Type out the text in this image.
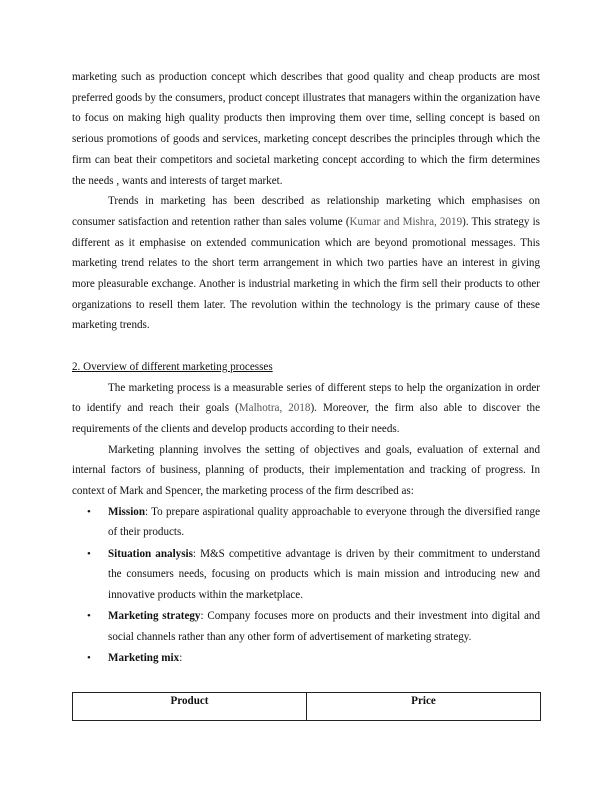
marketing such as production concept which describes that good quality and cheap products are most preferred goods by the consumers, product concept illustrates that managers within the organization have to focus on making high quality products then improving them over time, selling concept is based on serious promotions of goods and services, marketing concept describes the principles through which the firm can beat their competitors and societal marketing concept according to which the firm determines the needs , wants and interests of target market.

Trends in marketing has been described as relationship marketing which emphasises on consumer satisfaction and retention rather than sales volume (Kumar and Mishra, 2019). This strategy is different as it emphasise on extended communication which are beyond promotional messages. This marketing trend relates to the short term arrangement in which two parties have an interest in giving more pleasurable exchange. Another is industrial marketing in which the firm sell their products to other organizations to resell them later. The revolution within the technology is the primary cause of these marketing trends.

2. Overview of different marketing processes

The marketing process is a measurable series of different steps to help the organization in order to identify and reach their goals (Malhotra, 2018). Moreover, the firm also able to discover the requirements of the clients and develop products according to their needs.

Marketing planning involves the setting of objectives and goals, evaluation of external and internal factors of business, planning of products, their implementation and tracking of progress. In context of Mark and Spencer, the marketing process of the firm described as:

• Mission: To prepare aspirational quality approachable to everyone through the diversified range of their products.
• Situation analysis: M&S competitive advantage is driven by their commitment to understand the consumers needs, focusing on products which is main mission and introducing new and innovative products within the marketplace.
• Marketing strategy: Company focuses more on products and their investment into digital and social channels rather than any other form of advertisement of marketing strategy.
• Marketing mix:
Product	Price
